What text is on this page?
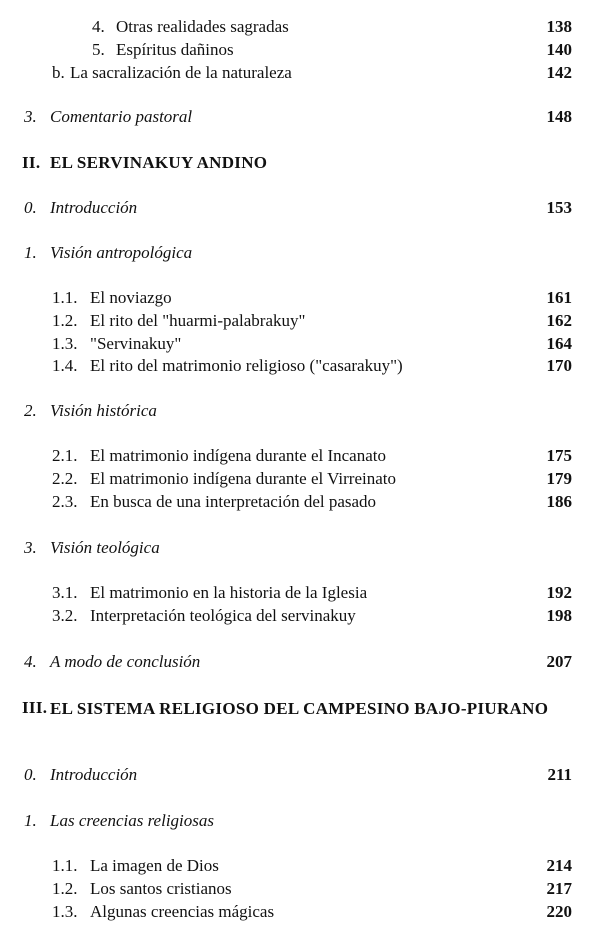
4. Otras realidades sagradas	138
5. Espíritus dañinos	140
b. La sacralización de la naturaleza	142
3. Comentario pastoral	148
II. EL SERVINAKUY ANDINO
0. Introducción	153
1. Visión antropológica
1.1. El noviazgo	161
1.2. El rito del "huarmi-palabrakuy"	162
1.3. "Servinakuy"	164
1.4. El rito del matrimonio religioso ("casarakuy")	170
2. Visión histórica
2.1. El matrimonio indígena durante el Incanato	175
2.2. El matrimonio indígena durante el Virreinato	179
2.3. En busca de una interpretación del pasado	186
3. Visión teológica
3.1. El matrimonio en la historia de la Iglesia	192
3.2. Interpretación teológica del servinakuy	198
4. A modo de conclusión	207
III. EL SISTEMA RELIGIOSO DEL CAMPESINO BAJO-PIURANO
0. Introducción	211
1. Las creencias religiosas
1.1. La imagen de Dios	214
1.2. Los santos cristianos	217
1.3. Algunas creencias mágicas	220
